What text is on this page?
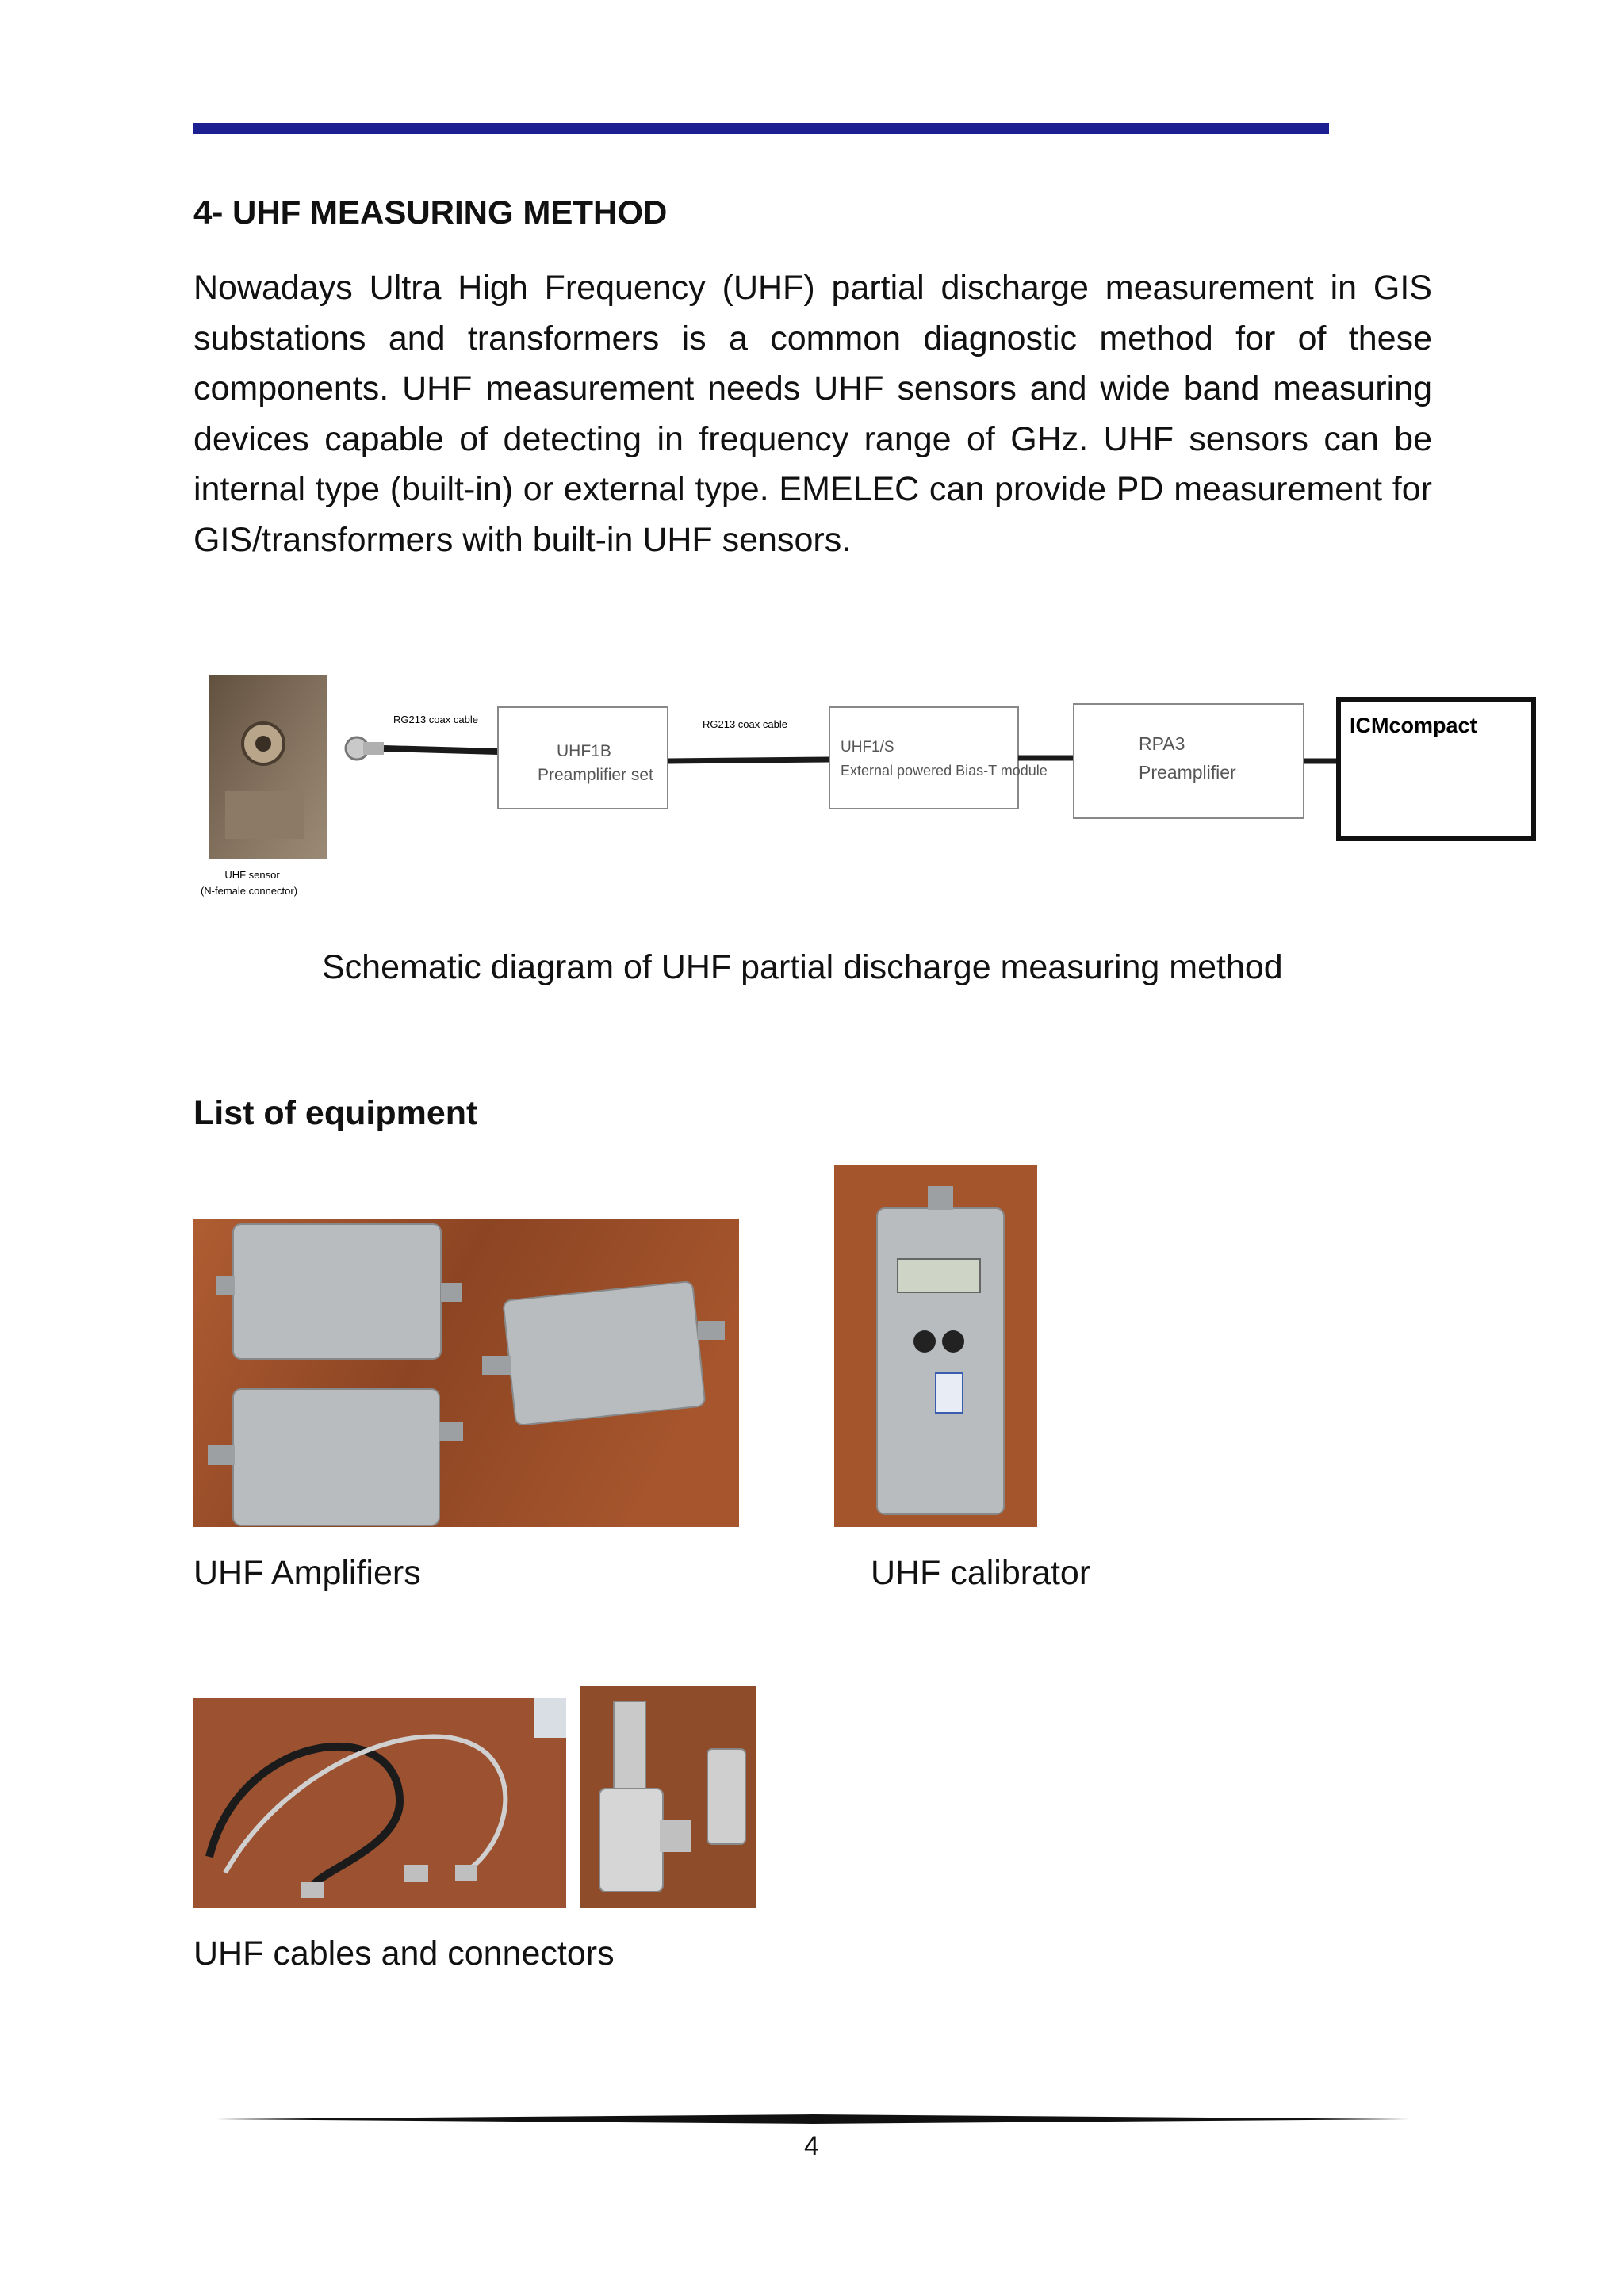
4- UHF MEASURING METHOD
Nowadays Ultra High Frequency (UHF) partial discharge measurement in GIS substations and transformers is a common diagnostic method for of these components. UHF measurement needs UHF sensors and wide band measuring devices capable of detecting in frequency range of GHz. UHF sensors can be internal type (built-in) or external type. EMELEC can provide PD measurement for GIS/transformers with built-in UHF sensors.
UHF sensor
(N-female connector)
RG213 coax cable
UHF1B
Preamplifier set
RG213 coax cable
UHF1/S
External powered Bias-T module
RPA3
Preamplifier
ICMcompact
Schematic diagram of UHF partial discharge measuring method
List of equipment
UHF Amplifiers	UHF calibrator
UHF cables and connectors
4
